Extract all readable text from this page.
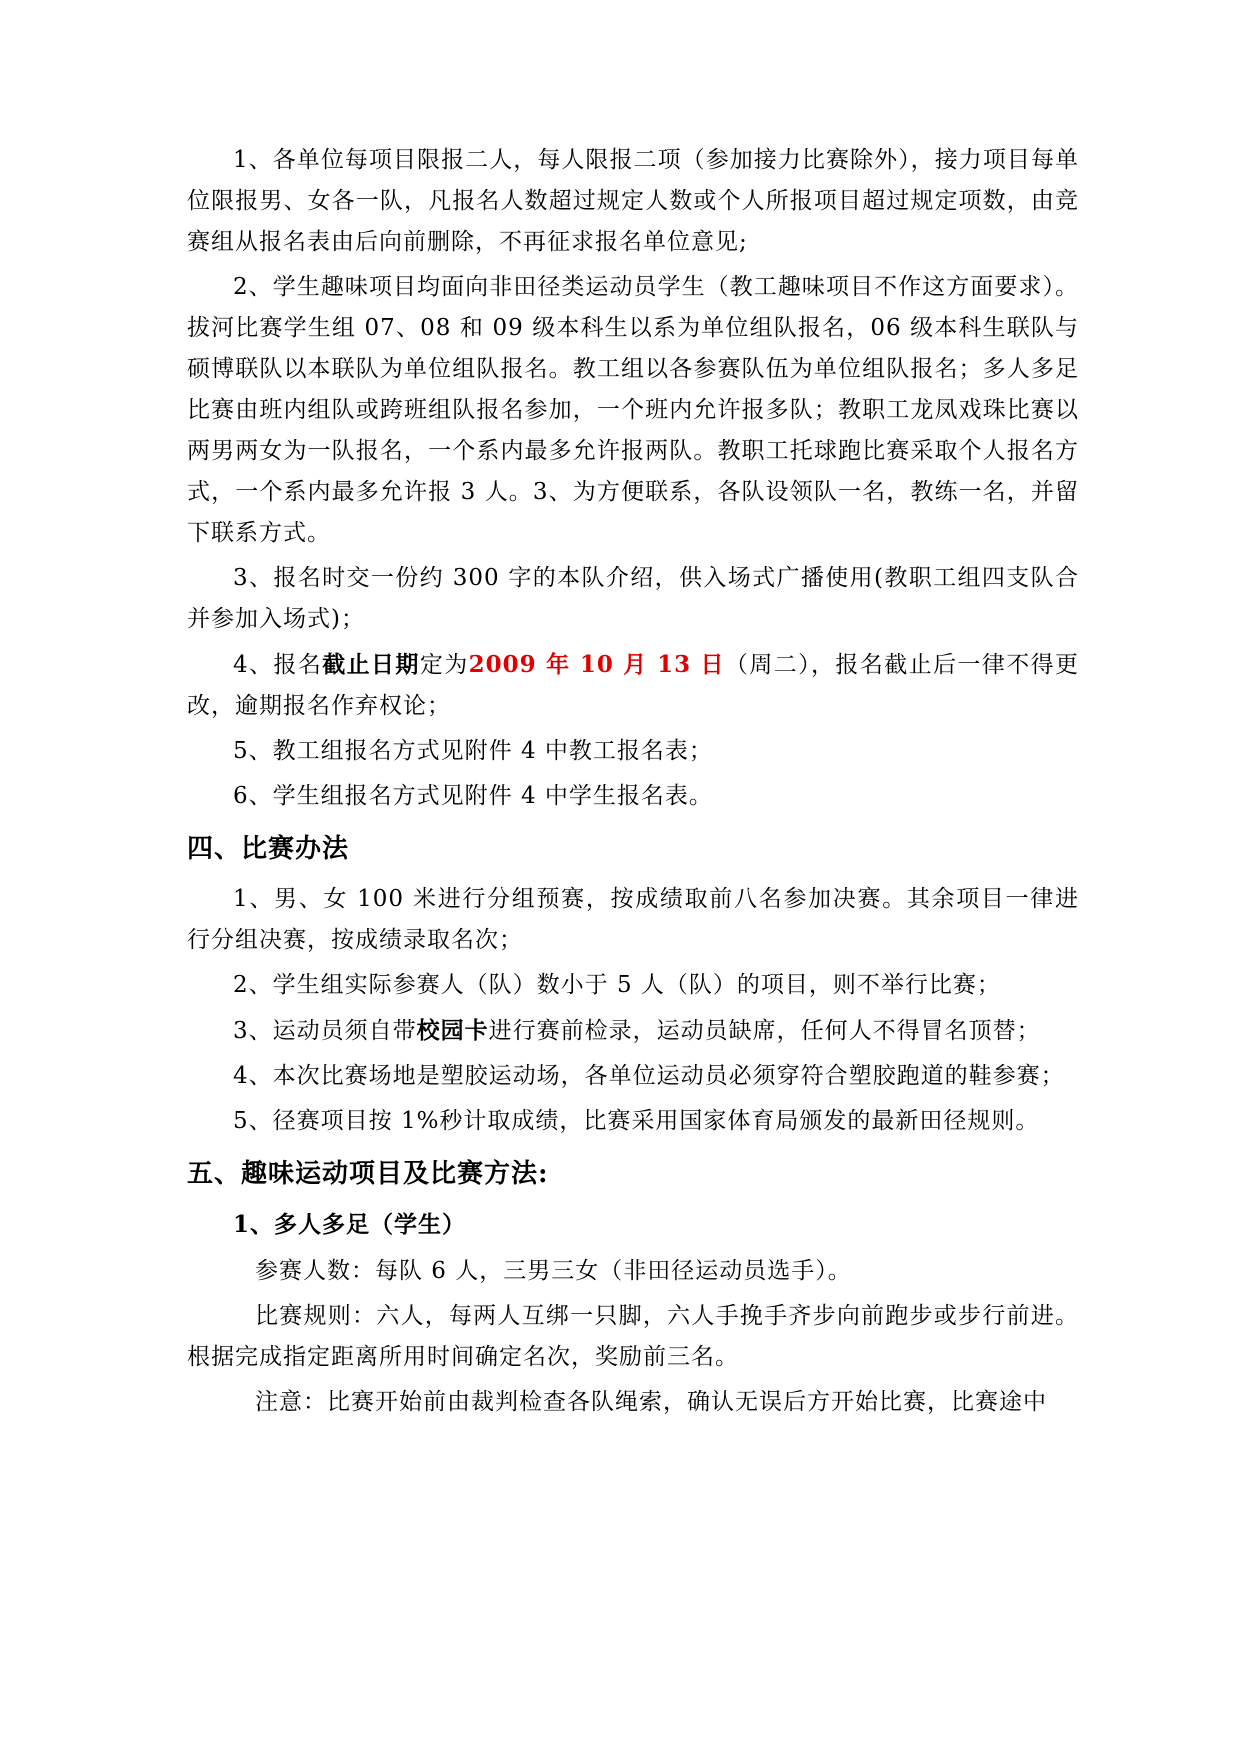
1、各单位每项目限报二人，每人限报二项（参加接力比赛除外），接力项目每单位限报男、女各一队，凡报名人数超过规定人数或个人所报项目超过规定项数，由竞赛组从报名表由后向前删除，不再征求报名单位意见;

2、学生趣味项目均面向非田径类运动员学生（教工趣味项目不作这方面要求）。拔河比赛学生组 07、08 和 09 级本科生以系为单位组队报名，06 级本科生联队与硕博联队以本联队为单位组队报名。教工组以各参赛队伍为单位组队报名；多人多足比赛由班内组队或跨班组队报名参加，一个班内允许报多队；教职工龙凤戏珠比赛以两男两女为一队报名，一个系内最多允许报两队。教职工托球跑比赛采取个人报名方式，一个系内最多允许报 3 人。3、为方便联系，各队设领队一名，教练一名，并留下联系方式。

3、报名时交一份约 300 字的本队介绍，供入场式广播使用(教职工组四支队合并参加入场式)；

4、报名截止日期定为2009 年 10 月 13 日（周二），报名截止后一律不得更改，逾期报名作弃权论；

5、教工组报名方式见附件 4 中教工报名表；

6、学生组报名方式见附件 4 中学生报名表。

四、比赛办法

1、男、女 100 米进行分组预赛，按成绩取前八名参加决赛。其余项目一律进行分组决赛，按成绩录取名次；

2、学生组实际参赛人（队）数小于 5 人（队）的项目，则不举行比赛；

3、运动员须自带校园卡进行赛前检录，运动员缺席，任何人不得冒名顶替；

4、本次比赛场地是塑胶运动场，各单位运动员必须穿符合塑胶跑道的鞋参赛；

5、径赛项目按 1%秒计取成绩，比赛采用国家体育局颁发的最新田径规则。

五、趣味运动项目及比赛方法:
1、多人多足（学生）

参赛人数：每队 6 人，三男三女（非田径运动员选手）。

比赛规则：六人，每两人互绑一只脚，六人手挽手齐步向前跑步或步行前进。根据完成指定距离所用时间确定名次，奖励前三名。

注意：比赛开始前由裁判检查各队绳索，确认无误后方开始比赛，比赛途中
